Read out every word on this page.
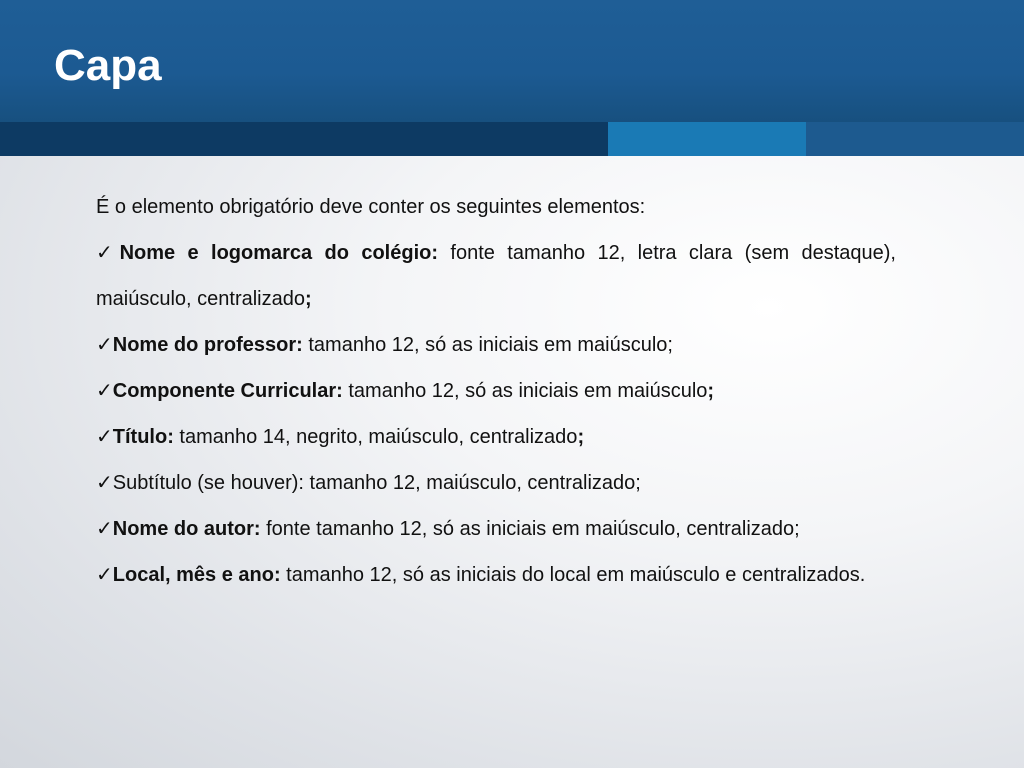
Capa

É o elemento obrigatório deve conter os seguintes elementos:

✓Nome e logomarca do colégio: fonte tamanho 12, letra clara (sem destaque), maiúsculo, centralizado;

✓Nome do professor: tamanho 12, só as iniciais em maiúsculo;

✓Componente Curricular: tamanho 12, só as iniciais em maiúsculo;

✓Título: tamanho 14, negrito, maiúsculo, centralizado;

✓Subtítulo (se houver): tamanho 12, maiúsculo, centralizado;

✓Nome do autor: fonte tamanho 12, só as iniciais em maiúsculo, centralizado;

✓Local, mês e ano: tamanho 12, só as iniciais do local em maiúsculo e centralizados.
